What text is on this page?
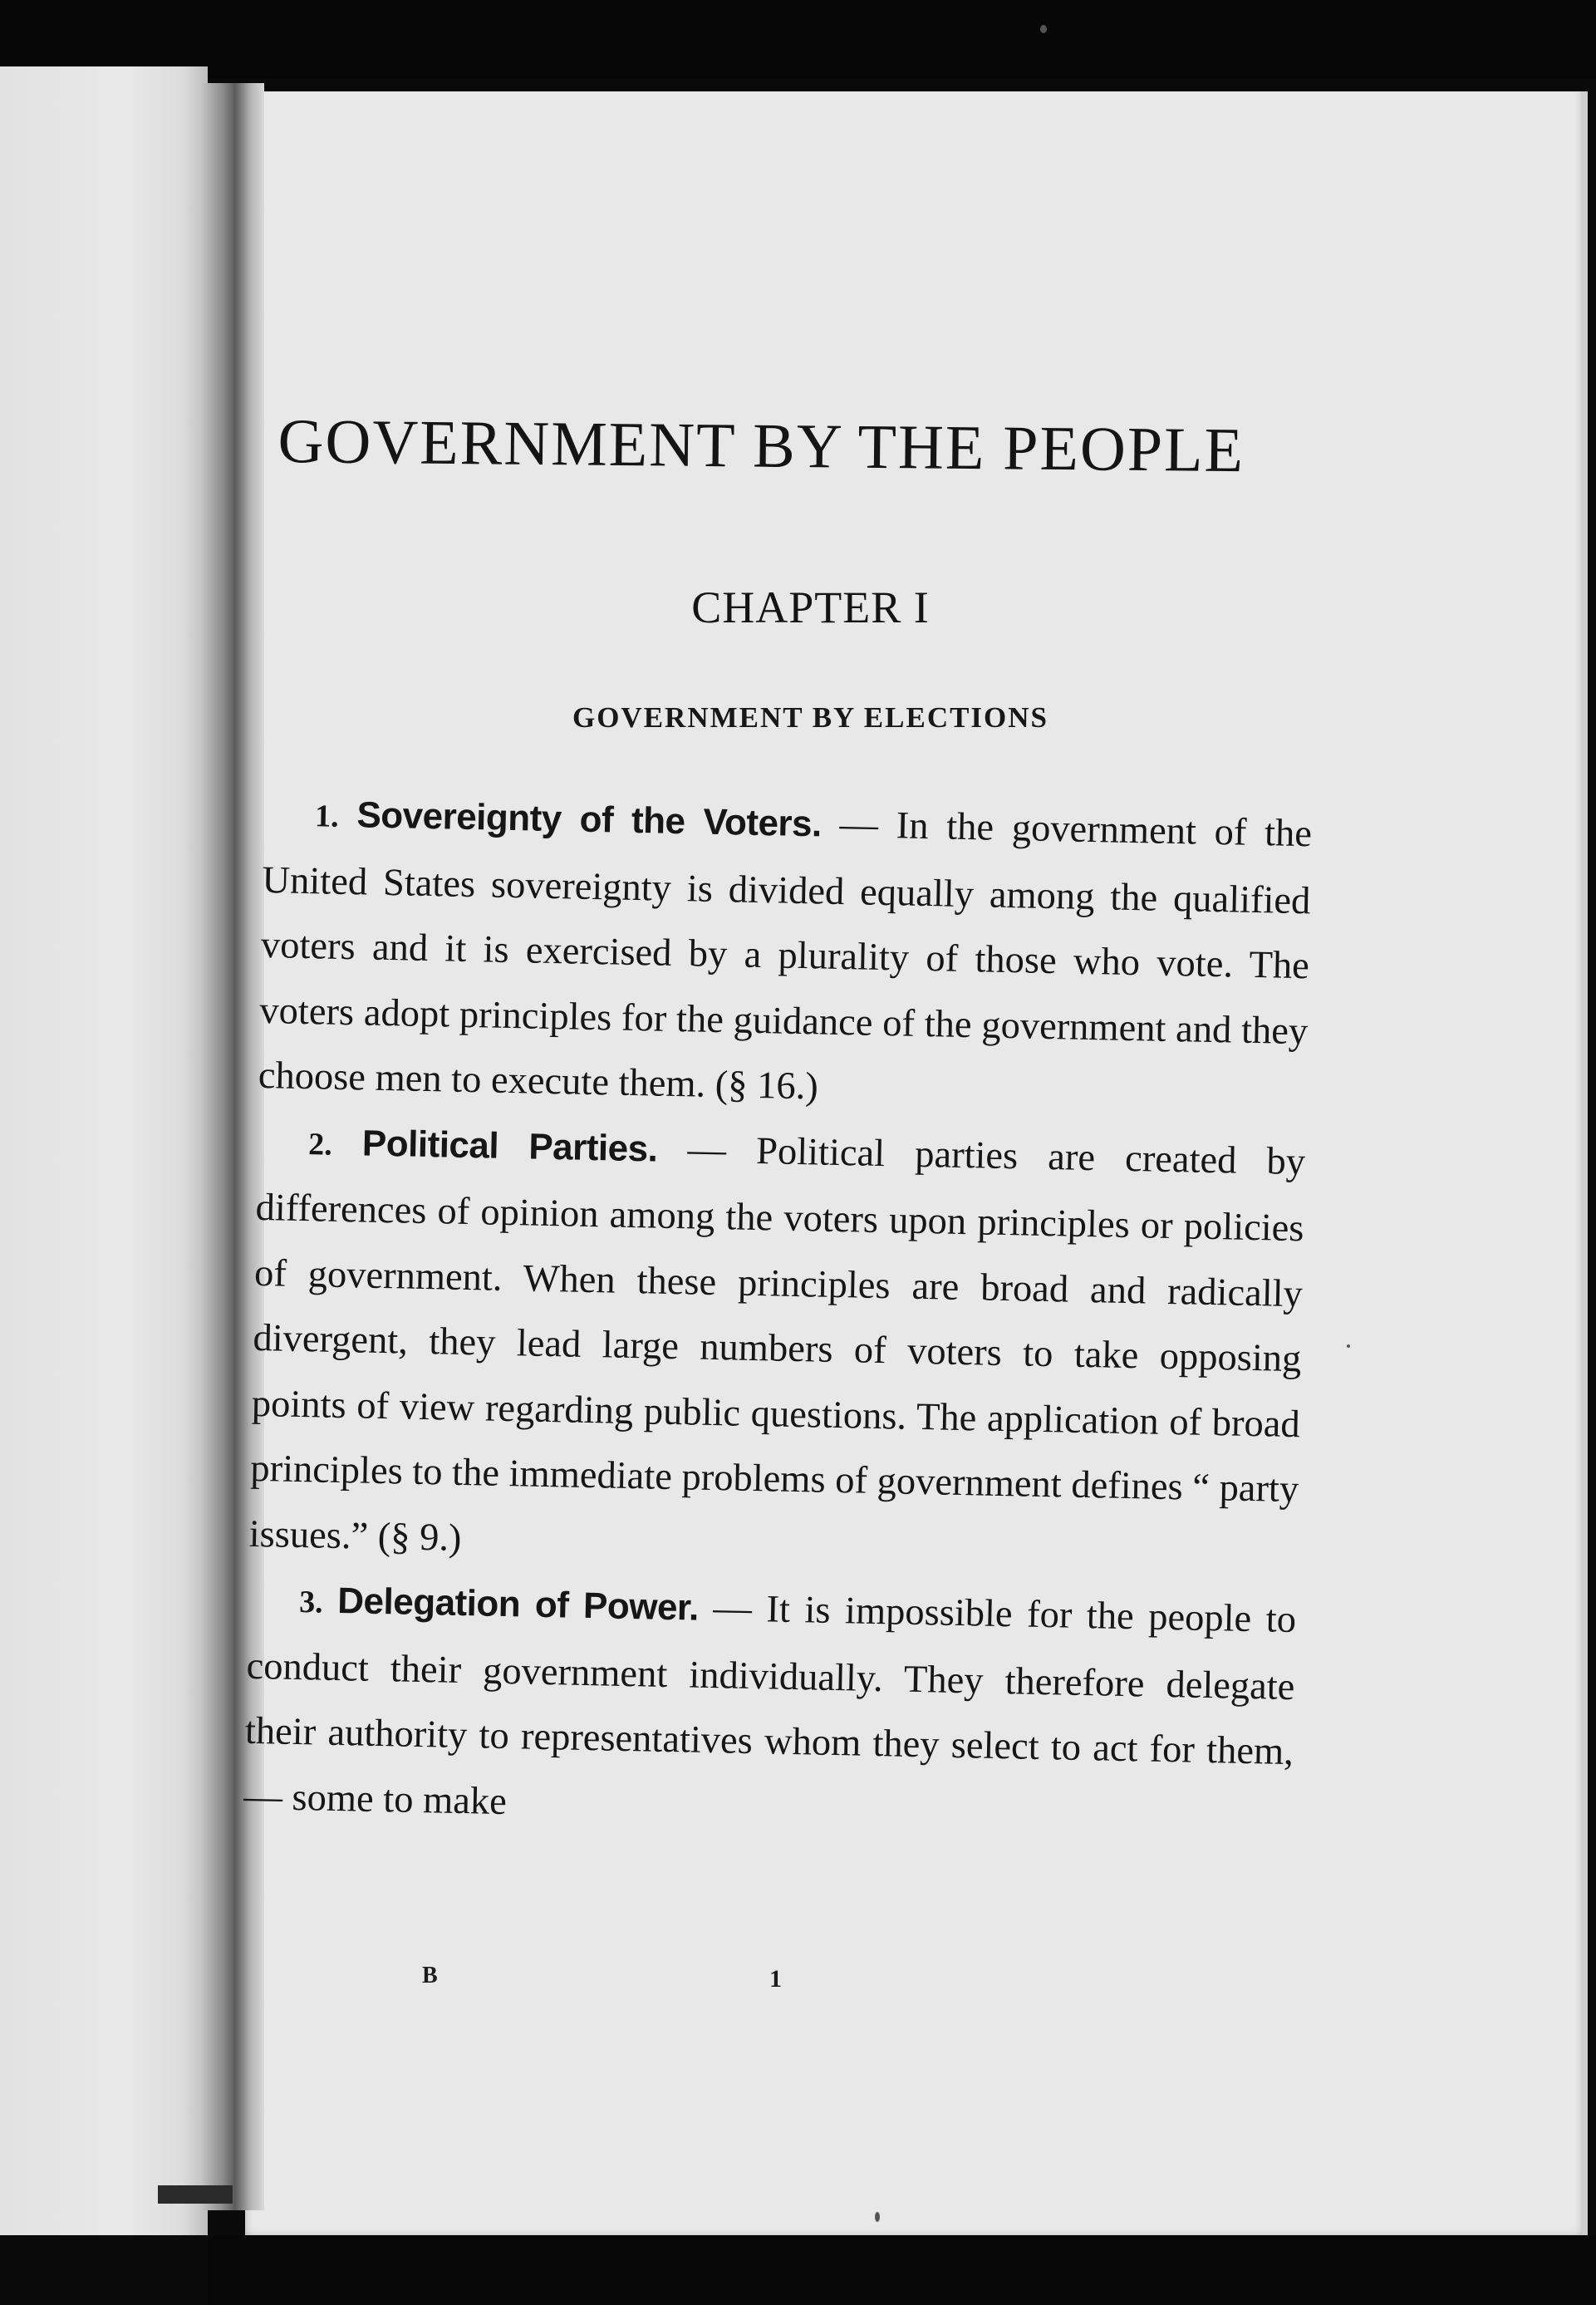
GOVERNMENT BY THE PEOPLE
CHAPTER I
GOVERNMENT BY ELECTIONS

1. Sovereignty of the Voters. — In the government of the United States sovereignty is divided equally among the qualified voters and it is exercised by a plurality of those who vote. The voters adopt principles for the guidance of the government and they choose men to execute them. (§ 16.)

2. Political Parties. — Political parties are created by differences of opinion among the voters upon principles or policies of government. When these principles are broad and radically divergent, they lead large numbers of voters to take opposing points of view regarding public questions. The application of broad principles to the immediate problems of government defines “ party issues.” (§ 9.)

3. Delegation of Power. — It is impossible for the people to conduct their government individually. They therefore delegate their authority to representatives whom they select to act for them, — some to make

B	1
